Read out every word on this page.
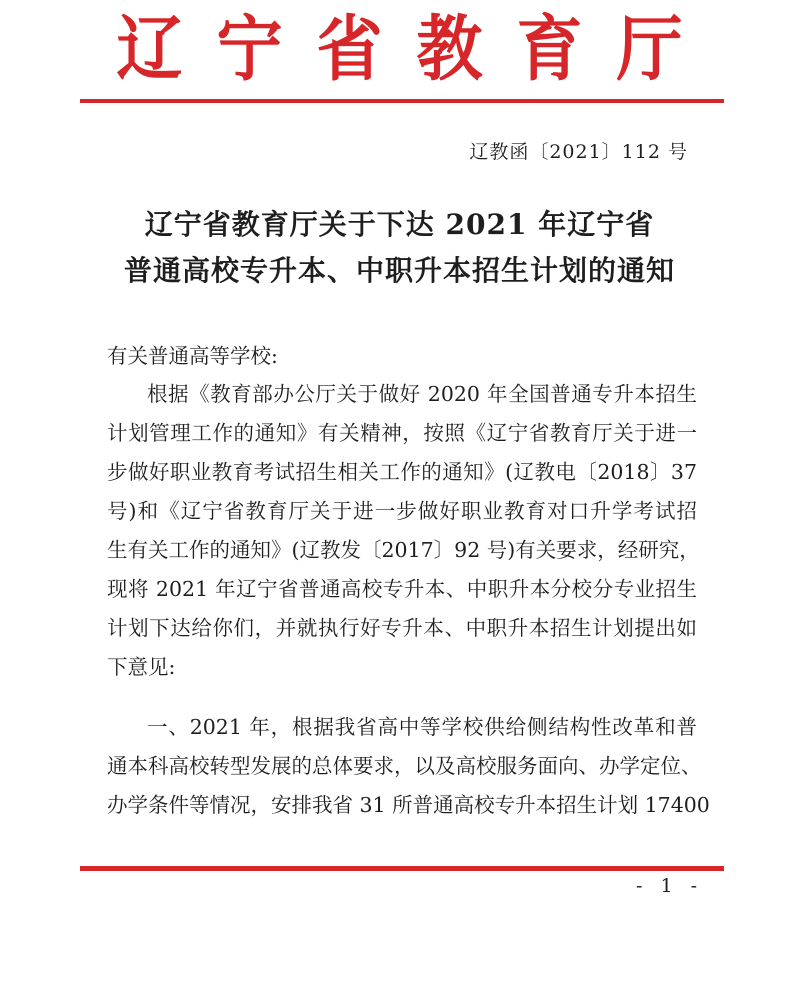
辽宁省教育厅
辽教函〔2021〕112 号
辽宁省教育厅关于下达 2021 年辽宁省
普通高校专升本、中职升本招生计划的通知
有关普通高等学校:
根据《教育部办公厅关于做好 2020 年全国普通专升本招生
计划管理工作的通知》有关精神，按照《辽宁省教育厅关于进一
步做好职业教育考试招生相关工作的通知》(辽教电〔2018〕37
号)和《辽宁省教育厅关于进一步做好职业教育对口升学考试招
生有关工作的通知》(辽教发〔2017〕92 号)有关要求，经研究，
现将 2021 年辽宁省普通高校专升本、中职升本分校分专业招生
计划下达给你们，并就执行好专升本、中职升本招生计划提出如
下意见:
一、2021 年，根据我省高中等学校供给侧结构性改革和普
通本科高校转型发展的总体要求，以及高校服务面向、办学定位、
办学条件等情况，安排我省 31 所普通高校专升本招生计划 17400
- 1 -
